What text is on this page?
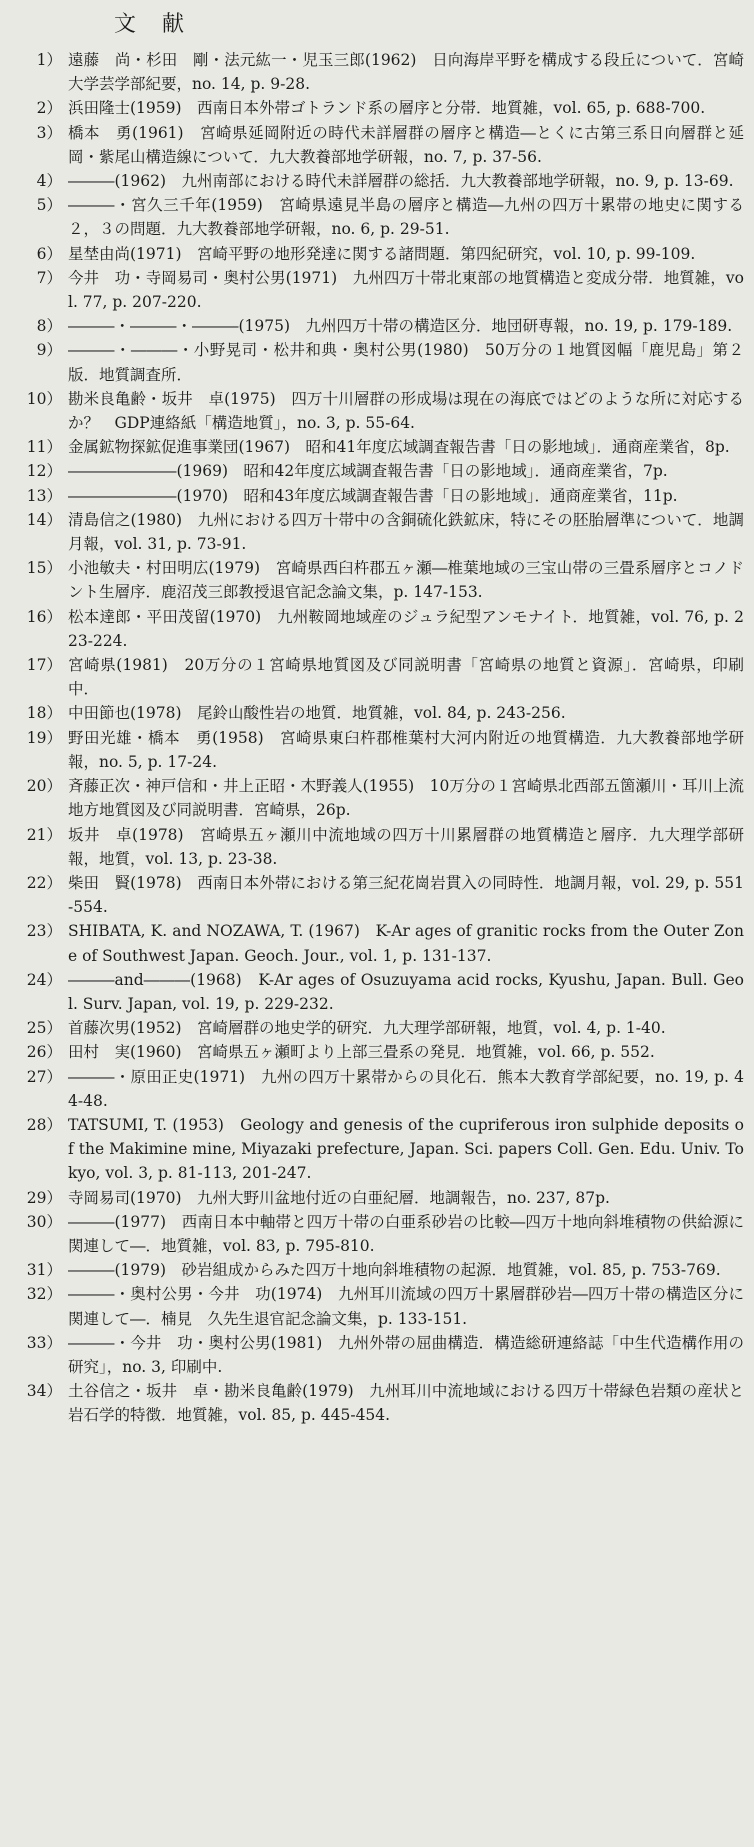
文献
1） 遠藤　尚・杉田　剛・法元紘一・児玉三郎(1962)　日向海岸平野を構成する段丘について．宮崎大学芸学部紀要，no. 14, p. 9-28.
2） 浜田隆士(1959)　西南日本外帯ゴトランド系の層序と分帯．地質雑，vol. 65, p. 688-700.
3） 橋本　勇(1961)　宮崎県延岡附近の時代未詳層群の層序と構造―とくに古第三系日向層群と延岡・紫尾山構造線について．九大教養部地学研報，no. 7, p. 37-56.
4） ―――(1962)　九州南部における時代未詳層群の総括．九大教養部地学研報，no. 9, p. 13-69.
5） ―――・宮久三千年(1959)　宮崎県遠見半島の層序と構造―九州の四万十累帯の地史に関する２，３の問題．九大教養部地学研報，no. 6, p. 29-51.
6） 星埜由尚(1971)　宮崎平野の地形発達に関する諸問題．第四紀研究，vol. 10, p. 99-109.
7） 今井　功・寺岡易司・奥村公男(1971)　九州四万十帯北東部の地質構造と変成分帯．地質雑，vol. 77, p. 207-220.
8） ―――・―――・―――(1975)　九州四万十帯の構造区分．地団研専報，no. 19, p. 179-189.
9） ―――・―――・小野晃司・松井和典・奥村公男(1980)　50万分の１地質図幅「鹿児島」第２版．地質調査所．
10） 勘米良亀齢・坂井　卓(1975)　四万十川層群の形成場は現在の海底ではどのような所に対応するか？　GDP連絡紙「構造地質」，no. 3, p. 55-64.
11） 金属鉱物探鉱促進事業団(1967)　昭和41年度広域調査報告書「日の影地域」．通商産業省，8p.
12） ―――――――(1969)　昭和42年度広域調査報告書「日の影地域」．通商産業省，7p.
13） ―――――――(1970)　昭和43年度広域調査報告書「日の影地域」．通商産業省，11p.
14） 清島信之(1980)　九州における四万十帯中の含銅硫化鉄鉱床，特にその胚胎層準について．地調月報，vol. 31, p. 73-91.
15） 小池敏夫・村田明広(1979)　宮崎県西臼杵郡五ヶ瀬―椎葉地域の三宝山帯の三畳系層序とコノドント生層序．鹿沼茂三郎教授退官記念論文集，p. 147-153.
16） 松本達郎・平田茂留(1970)　九州鞍岡地域産のジュラ紀型アンモナイト．地質雑，vol. 76, p. 223-224.
17） 宮崎県(1981)　20万分の１宮崎県地質図及び同説明書「宮崎県の地質と資源」．宮崎県，印刷中．
18） 中田節也(1978)　尾鈴山酸性岩の地質．地質雑，vol. 84, p. 243-256.
19） 野田光雄・橋本　勇(1958)　宮崎県東臼杵郡椎葉村大河内附近の地質構造．九大教養部地学研報，no. 5, p. 17-24.
20） 斉藤正次・神戸信和・井上正昭・木野義人(1955)　10万分の１宮崎県北西部五箇瀬川・耳川上流地方地質図及び同説明書．宮崎県，26p.
21） 坂井　卓(1978)　宮崎県五ヶ瀬川中流地域の四万十川累層群の地質構造と層序．九大理学部研報，地質，vol. 13, p. 23-38.
22） 柴田　賢(1978)　西南日本外帯における第三紀花崗岩貫入の同時性．地調月報，vol. 29, p. 551-554.
23） SHIBATA, K. and NOZAWA, T. (1967)　K-Ar ages of granitic rocks from the Outer Zone of Southwest Japan. Geoch. Jour., vol. 1, p. 131-137.
24） ―――and―――(1968)　K-Ar ages of Osuzuyama acid rocks, Kyushu, Japan. Bull. Geol. Surv. Japan, vol. 19, p. 229-232.
25） 首藤次男(1952)　宮崎層群の地史学的研究．九大理学部研報，地質，vol. 4, p. 1-40.
26） 田村　実(1960)　宮崎県五ヶ瀬町より上部三畳系の発見．地質雑，vol. 66, p. 552.
27） ―――・原田正史(1971)　九州の四万十累帯からの貝化石．熊本大教育学部紀要，no. 19, p. 44-48.
28） TATSUMI, T. (1953)　Geology and genesis of the cupriferous iron sulphide deposits of the Makimine mine, Miyazaki prefecture, Japan. Sci. papers Coll. Gen. Edu. Univ. Tokyo, vol. 3, p. 81-113, 201-247.
29） 寺岡易司(1970)　九州大野川盆地付近の白亜紀層．地調報告，no. 237, 87p.
30） ―――(1977)　西南日本中軸帯と四万十帯の白亜系砂岩の比較―四万十地向斜堆積物の供給源に関連して―．地質雑，vol. 83, p. 795-810.
31） ―――(1979)　砂岩組成からみた四万十地向斜堆積物の起源．地質雑，vol. 85, p. 753-769.
32） ―――・奥村公男・今井　功(1974)　九州耳川流域の四万十累層群砂岩―四万十帯の構造区分に関連して―．楠見　久先生退官記念論文集，p. 133-151.
33） ―――・今井　功・奥村公男(1981)　九州外帯の屈曲構造．構造総研連絡誌「中生代造構作用の研究」，no. 3, 印刷中.
34） 土谷信之・坂井　卓・勘米良亀齢(1979)　九州耳川中流地域における四万十帯緑色岩類の産状と岩石学的特徴．地質雑，vol. 85, p. 445-454.
